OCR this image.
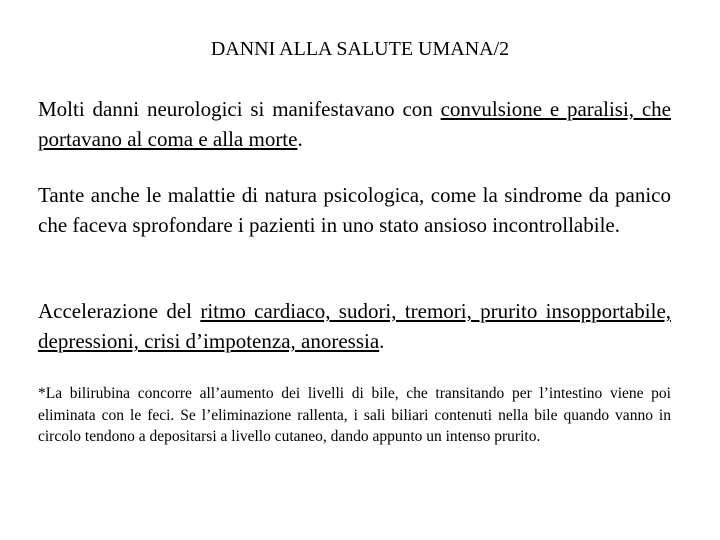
DANNI ALLA SALUTE UMANA/2

Molti danni neurologici si manifestavano con convulsione e paralisi, che portavano al coma e alla morte.

Tante anche le malattie di natura psicologica, come la sindrome da panico che faceva sprofondare i pazienti in uno stato ansioso incontrollabile.

Accelerazione del ritmo cardiaco, sudori, tremori, prurito insopportabile, depressioni, crisi d’impotenza, anoressia.

*La bilirubina concorre all’aumento dei livelli di bile, che transitando per l’intestino viene poi eliminata con le feci. Se l’eliminazione rallenta, i sali biliari contenuti nella bile quando vanno in circolo tendono a depositarsi a livello cutaneo, dando appunto un intenso prurito.
